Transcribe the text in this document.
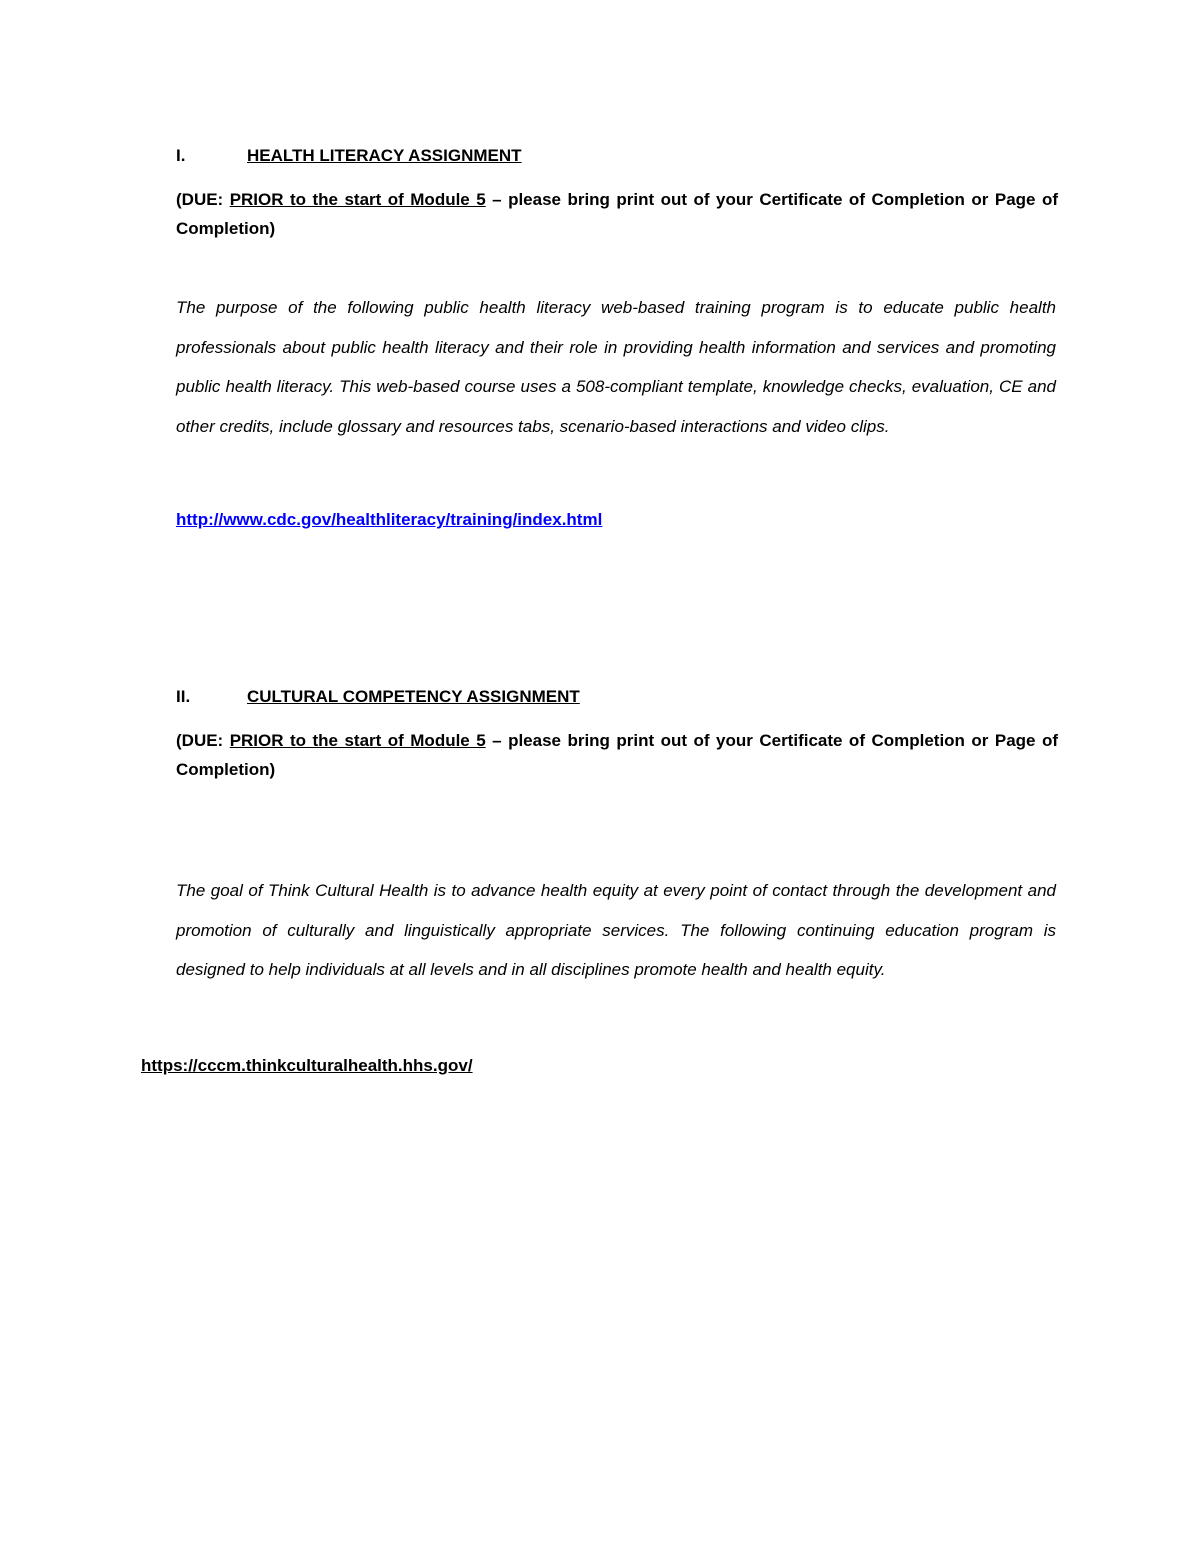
I.	HEALTH LITERACY ASSIGNMENT
(DUE: PRIOR to the start of Module 5 – please bring print out of your Certificate of Completion or Page of Completion)
The purpose of the following public health literacy web-based training program is to educate public health professionals about public health literacy and their role in providing health information and services and promoting public health literacy. This web-based course uses a 508-compliant template, knowledge checks, evaluation, CE and other credits, include glossary and resources tabs, scenario-based interactions and video clips.
http://www.cdc.gov/healthliteracy/training/index.html
II.	CULTURAL COMPETENCY ASSIGNMENT
(DUE: PRIOR to the start of Module 5 – please bring print out of your Certificate of Completion or Page of Completion)
The goal of Think Cultural Health is to advance health equity at every point of contact through the development and promotion of culturally and linguistically appropriate services. The following continuing education program is designed to help individuals at all levels and in all disciplines promote health and health equity.
https://cccm.thinkculturalhealth.hhs.gov/
